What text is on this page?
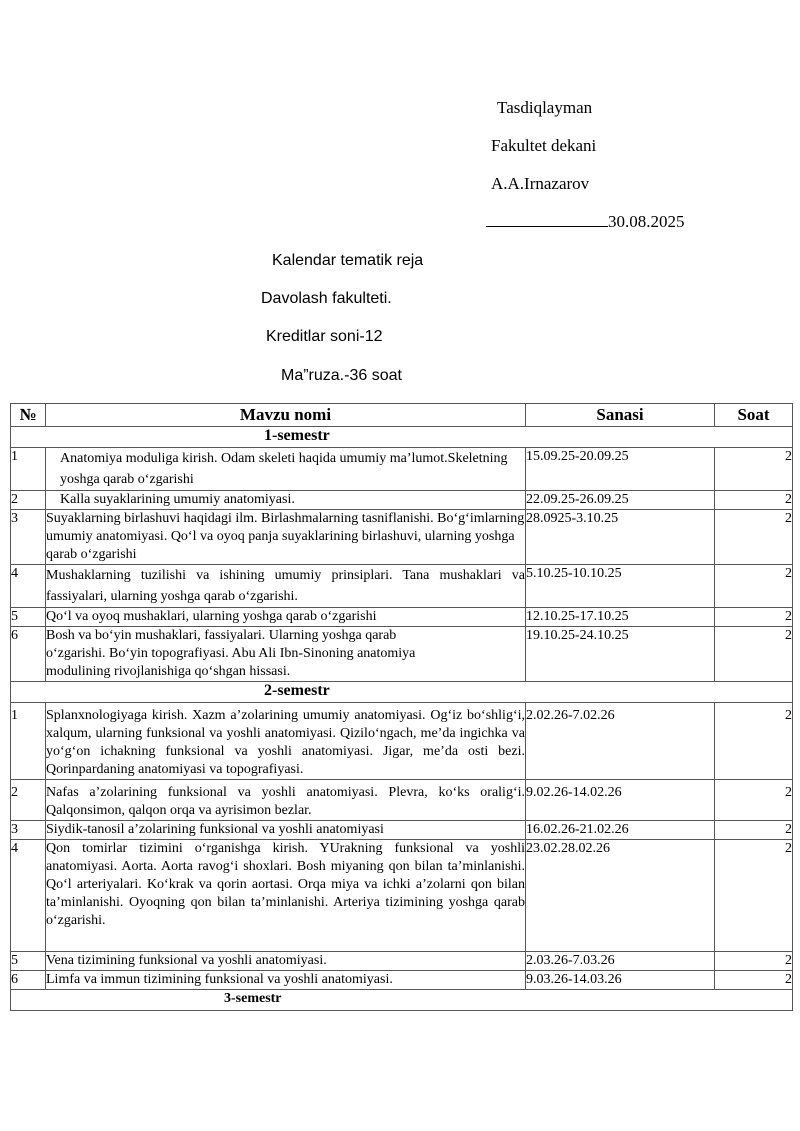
Tasdiqlayman
Fakultet dekani
A.A.Irnazarov
30.08.2025
Kalendar tematik reja
Davolash fakulteti.
Kreditlar soni-12
Ma”ruza.-36 soat
№	Mavzu nomi	Sanasi	Soat
1-semestr			
1	Anatomiya moduliga kirish. Odam skeleti haqida umumiy ma’lumot.Skeletning yoshga qarab o‘zgarishi	15.09.25-20.09.25	2
2	Kalla suyaklarining umumiy anatomiyasi.	22.09.25-26.09.25	2
3	Suyaklarning birlashuvi haqidagi ilm. Birlashmalarning tasniflanishi. Bo‘g‘imlarning umumiy anatomiyasi. Qo‘l va oyoq panja suyaklarining birlashuvi, ularning yoshga qarab o‘zgarishi	28.0925-3.10.25	2
4	Mushaklarning tuzilishi va ishining umumiy prinsiplari. Tana mushaklari va fassiyalari, ularning yoshga qarab o‘zgarishi.	5.10.25-10.10.25	2
5	Qo‘l va oyoq mushaklari, ularning yoshga qarab o‘zgarishi	12.10.25-17.10.25	2
6	Bosh va bo‘yin mushaklari, fassiyalari. Ularning yoshga qarab o‘zgarishi. Bo‘yin topografiyasi. Abu Ali Ibn-Sinoning anatomiya modulining rivojlanishiga qo‘shgan hissasi.	19.10.25-24.10.25	2
2-semestr			
1	Splanxnologiyaga kirish. Xazm a’zolarining umumiy anatomiyasi. Og‘iz bo‘shlig‘i, xalqum, ularning funksional va yoshli anatomiyasi. Qizilo‘ngach, me’da ingichka va yo‘g‘on ichakning funksional va yoshli anatomiyasi. Jigar, me’da osti bezi. Qorinpardaning anatomiyasi va topografiyasi.	2.02.26-7.02.26	2
2	Nafas a’zolarining funksional va yoshli anatomiyasi. Plevra, ko‘ks oralig‘i. Qalqonsimon, qalqon orqa va ayrisimon bezlar.	9.02.26-14.02.26	2
3	Siydik-tanosil a’zolarining funksional va yoshli anatomiyasi	16.02.26-21.02.26	2
4	Qon tomirlar tizimini o‘rganishga kirish. YUrakning funksional va yoshli anatomiyasi. Aorta. Aorta ravog‘i shoxlari. Bosh miyaning qon bilan ta’minlanishi. Qo‘l arteriyalari. Ko‘krak va qorin aortasi. Orqa miya va ichki a’zolarni qon bilan ta’minlanishi. Oyoqning qon bilan ta’minlanishi. Arteriya tizimining yoshga qarab o‘zgarishi.	23.02.28.02.26	2
5	Vena tizimining funksional va yoshli anatomiyasi.	2.03.26-7.03.26	2
6	Limfa va immun tizimining funksional va yoshli anatomiyasi.	9.03.26-14.03.26	2
3-semestr			
